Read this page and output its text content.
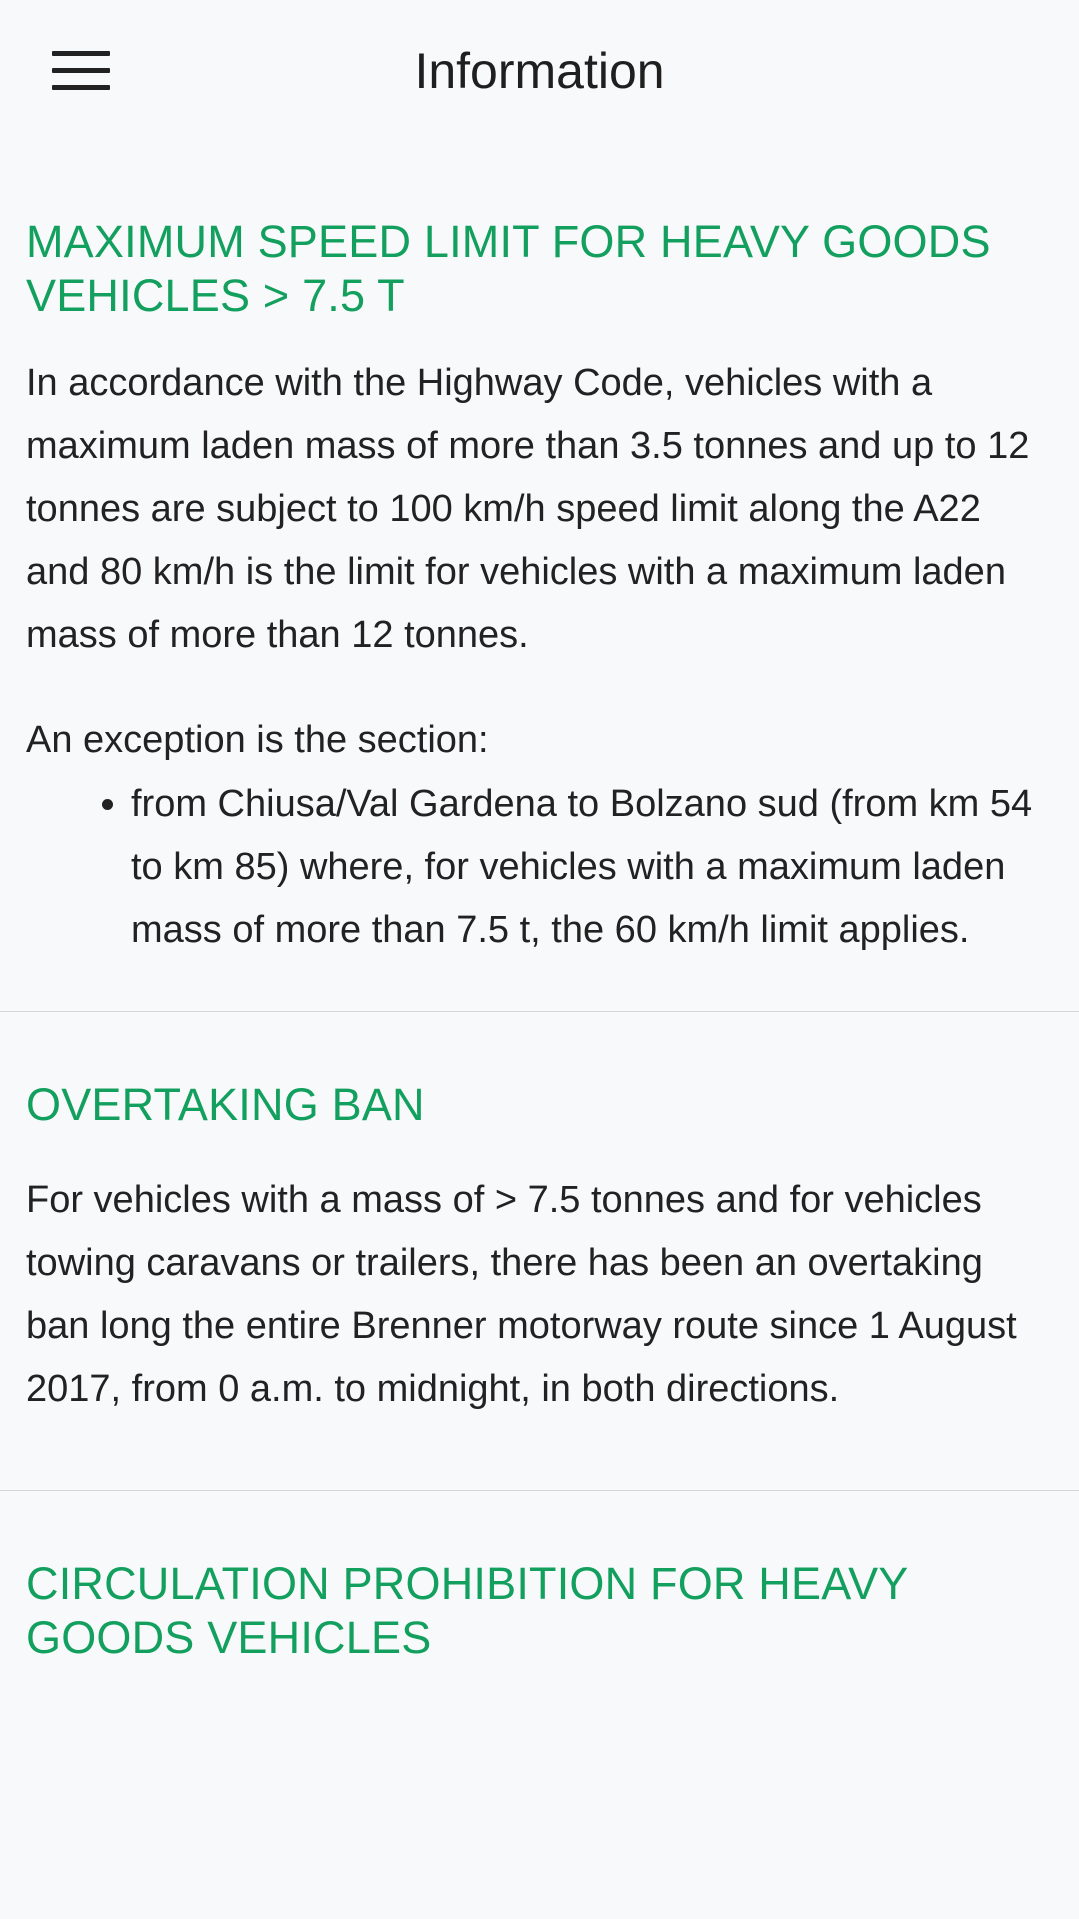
Information
MAXIMUM SPEED LIMIT FOR HEAVY GOODS VEHICLES > 7.5 T

In accordance with the Highway Code, vehicles with a maximum laden mass of more than 3.5 tonnes and up to 12 tonnes are subject to 100 km/h speed limit along the A22 and 80 km/h is the limit for vehicles with a maximum laden mass of more than 12 tonnes.

An exception is the section:

• from Chiusa/Val Gardena to Bolzano sud (from km 54 to km 85) where, for vehicles with a maximum laden mass of more than 7.5 t, the 60 km/h limit applies.
OVERTAKING BAN

For vehicles with a mass of > 7.5 tonnes and for vehicles towing caravans or trailers, there has been an overtaking ban long the entire Brenner motorway route since 1 August 2017, from 0 a.m. to midnight, in both directions.

CIRCULATION PROHIBITION FOR HEAVY GOODS VEHICLES
